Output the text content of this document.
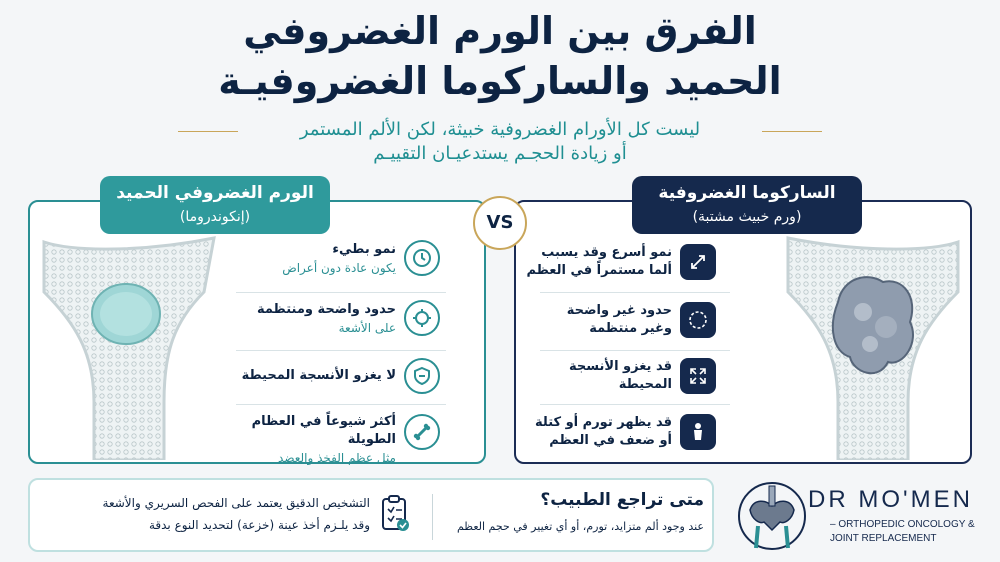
الفرق بين الورم الغضروفي
الحميد والساركوما الغضروفيـة
ليست كل الأورام الغضروفية خبيثة، لكن الألم المستمر
أو زيادة الحجـم يستدعيـان التقييـم
الورم الغضروفي الحميد
(إنكوندروما)
الساركوما الغضروفية
(ورم خبيث مشتبة)
VS
نمو بطيء
يكون عادة دون أعراض
حدود واضحة ومنتظمة
على الأشعة
لا يغزو الأنسجة المحيطة
أكثر شيوعاً في العظام الطويلة
مثل عظم الفخذ والعضد
نمو أسرع وقد يسبب
ألما مستمراً في العظم
حدود غير واضحة
وغير منتظمة
قد يغزو الأنسجة
المحيطة
قد يظهر تورم أو كتلة
أو ضعف في العظم
متى تراجع الطبيب؟
عند وجود ألم متزايد، تورم، أو أي تغيير في حجم العظم
التشخيص الدقيق يعتمد على الفحص السريري والأشعة
وقد يلـزم أخذ عينة (خزعة) لتحديد النوع بدقة
DR MO'MEN
– ORTHOPEDIC ONCOLOGY &
JOINT REPLACEMENT
